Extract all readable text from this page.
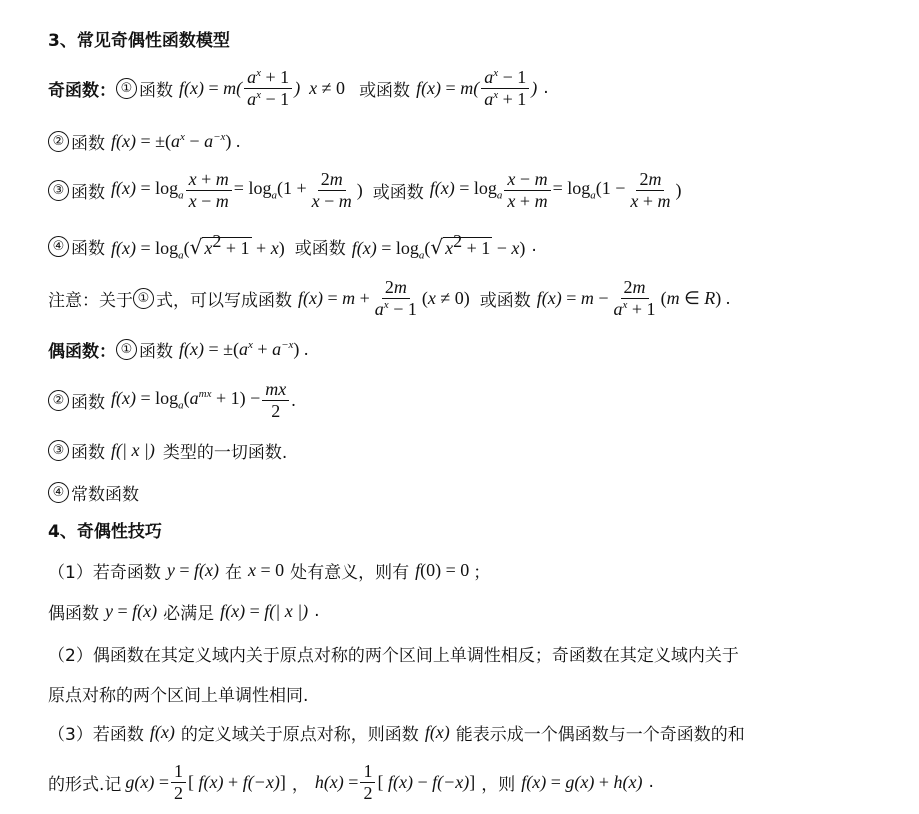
3、常见奇偶性函数模型
奇函数： ① 函数 $f(x) = m( \frac{a^x + 1}{a^x - 1}$ )  x ≠ 0 或函数 $f(x) = m( \frac{a^x - 1}{a^x + 1}$ ) .
② 函数 $f(x) = \pm(a^x - a^{-x})$ .
③ 函数 $f(x) = \log_a \frac{x + m}{x - m} = \log_a(1 + \frac{2m}{x - m}$ ) 或函数 $f(x) = \log_a \frac{x - m}{x + m} = \log_a(1 - \frac{2m}{x + m}$ )
④ 函数 $f(x) = \log_a(√$ $x^2 + 1 + x$) 或函数 $f(x) = \log_a(√$ $x^2 + 1 - x$) .
注意：关于 ① 式，可以写成函数 $f(x) = m + \frac{2m}{a^x - 1} (x \ne 0)$ 或函数 $f(x) = m - \frac{2m}{a^x + 1} (m$ ∈ R) .
偶函数： ① 函数 $f(x) = \pm(a^x + a^{-x})$ .
② 函数 $f(x) = \log_a(a^{mx} + 1) - \frac{mx}{2}$ .
③ 函数 f(| x |) 类型的一切函数.
④ 常数函数
4、奇偶性技巧
（1）若奇函数 y = f(x) 在 x = 0 处有意义，则有 f(0) = 0 ；
偶函数 y = f(x) 必满足 f(x) = f(| x |) .
（2）偶函数在其定义域内关于原点对称的两个区间上单调性相反；奇函数在其定义域内关于
原点对称的两个区间上单调性相同.
（3）若函数 f(x) 的定义域关于原点对称，则函数 f(x) 能表示成一个偶函数与一个奇函数的和
的形式.记 $g(x) = \frac{1}{2}$ [ f(x) + f(−x)] ， $h(x) = \frac{1}{2}$ [ f(x) − f(−x)] ，则 f(x) = g(x) + h(x) .
